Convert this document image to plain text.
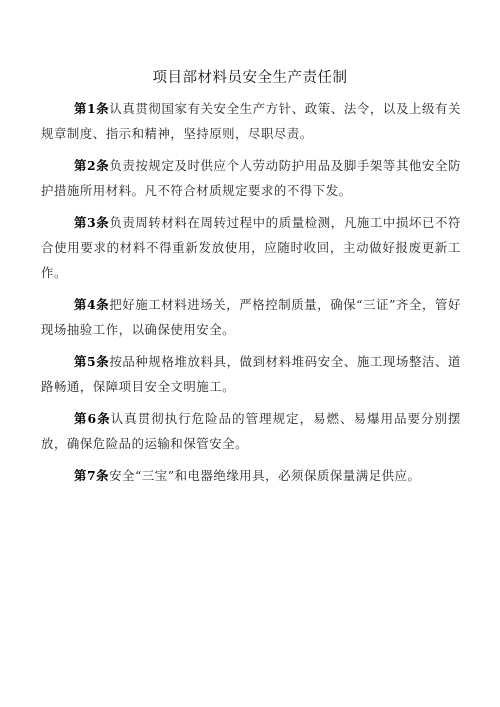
项目部材料员安全生产责任制

第1条认真贯彻国家有关安全生产方针、政策、法令，以及上级有关规章制度、指示和精神，坚持原则，尽职尽责。

第2条负责按规定及时供应个人劳动防护用品及脚手架等其他安全防护措施所用材料。凡不符合材质规定要求的不得下发。

第3条负责周转材料在周转过程中的质量检测，凡施工中损坏已不符合使用要求的材料不得重新发放使用，应随时收回，主动做好报废更新工作。

第4条把好施工材料进场关，严格控制质量，确保“三证”齐全，管好现场抽验工作，以确保使用安全。

第5条按品种规格堆放料具，做到材料堆码安全、施工现场整洁、道路畅通，保障项目安全文明施工。

第6条认真贯彻执行危险品的管理规定，易燃、易爆用品要分别摆放，确保危险品的运输和保管安全。

第7条安全“三宝”和电器绝缘用具，必须保质保量满足供应。
